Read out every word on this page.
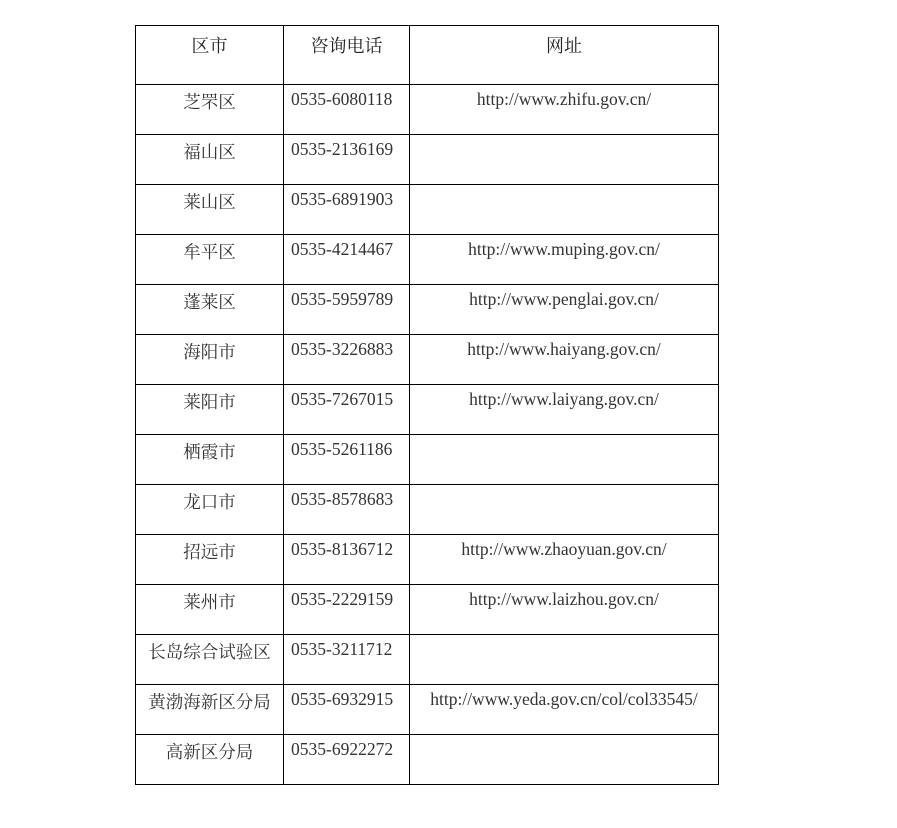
区市	咨询电话	网址
芝罘区	0535-6080118	http://www.zhifu.gov.cn/
福山区	0535-2136169	
莱山区	0535-6891903	
牟平区	0535-4214467	http://www.muping.gov.cn/
蓬莱区	0535-5959789	http://www.penglai.gov.cn/
海阳市	0535-3226883	http://www.haiyang.gov.cn/
莱阳市	0535-7267015	http://www.laiyang.gov.cn/
栖霞市	0535-5261186	
龙口市	0535-8578683	
招远市	0535-8136712	http://www.zhaoyuan.gov.cn/
莱州市	0535-2229159	http://www.laizhou.gov.cn/
长岛综合试验区	0535-3211712	
黄渤海新区分局	0535-6932915	http://www.yeda.gov.cn/col/col33545/
高新区分局	0535-6922272	
